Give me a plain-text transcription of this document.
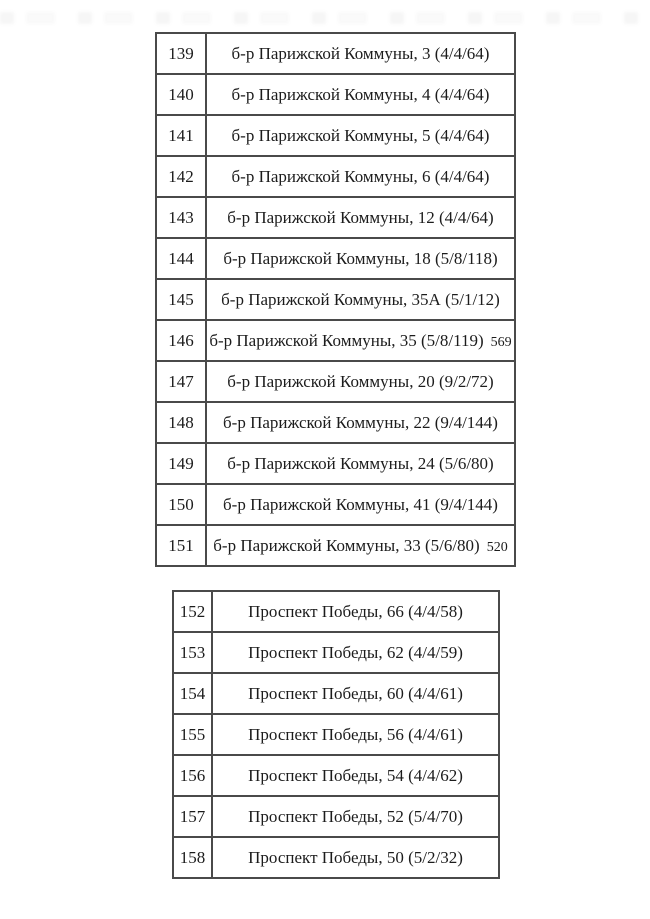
139	б-р Парижской Коммуны, 3 (4/4/64)
140	б-р Парижской Коммуны, 4 (4/4/64)
141	б-р Парижской Коммуны, 5 (4/4/64)
142	б-р Парижской Коммуны, 6 (4/4/64)
143	б-р Парижской Коммуны, 12 (4/4/64)
144	б-р Парижской Коммуны, 18 (5/8/118)
145	б-р Парижской Коммуны, 35А (5/1/12)
146	б-р Парижской Коммуны, 35 (5/8/119) 569
147	б-р Парижской Коммуны, 20 (9/2/72)
148	б-р Парижской Коммуны, 22 (9/4/144)
149	б-р Парижской Коммуны, 24 (5/6/80)
150	б-р Парижской Коммуны, 41 (9/4/144)
151	б-р Парижской Коммуны, 33 (5/6/80) 520
152	Проспект Победы, 66 (4/4/58)
153	Проспект Победы, 62 (4/4/59)
154	Проспект Победы, 60 (4/4/61)
155	Проспект Победы, 56 (4/4/61)
156	Проспект Победы, 54 (4/4/62)
157	Проспект Победы, 52 (5/4/70)
158	Проспект Победы, 50 (5/2/32)
